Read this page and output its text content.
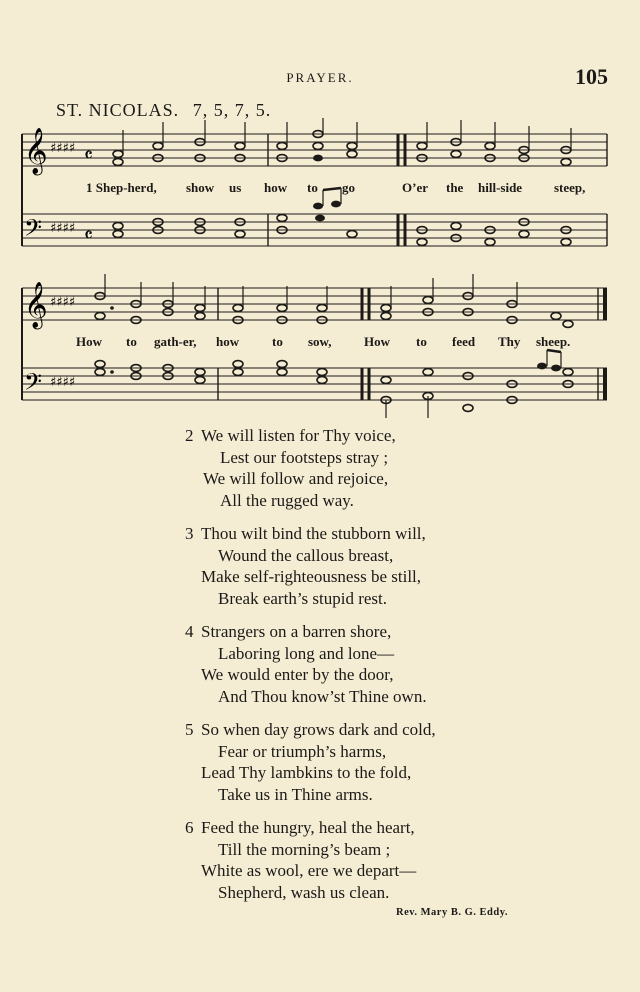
PRAYER.	105
ST. NICOLAS. 7, 5, 7, 5.
𝄞 ♯♯♯♯ 𝄴
𝄢 ♯♯♯♯ 𝄴
1 Shep-herd, show us how to go	O’er the hill-side steep,
𝄞 ♯♯♯♯
𝄢 ♯♯♯♯
How to gath-er, how	to sow,	How to feed Thy sheep.
2 We will listen for Thy voice,
Lest our footsteps stray ;
We will follow and rejoice,
All the rugged way.
3 Thou wilt bind the stubborn will,
Wound the callous breast,
Make self-righteousness be still,
Break earth’s stupid rest.
4 Strangers on a barren shore,
Laboring long and lone—
We would enter by the door,
And Thou know’st Thine own.
5 So when day grows dark and cold,
Fear or triumph’s harms,
Lead Thy lambkins to the fold,
Take us in Thine arms.
6 Feed the hungry, heal the heart,
Till the morning’s beam ;
White as wool, ere we depart—
Shepherd, wash us clean.
Rev. Mary B. G. Eddy.
